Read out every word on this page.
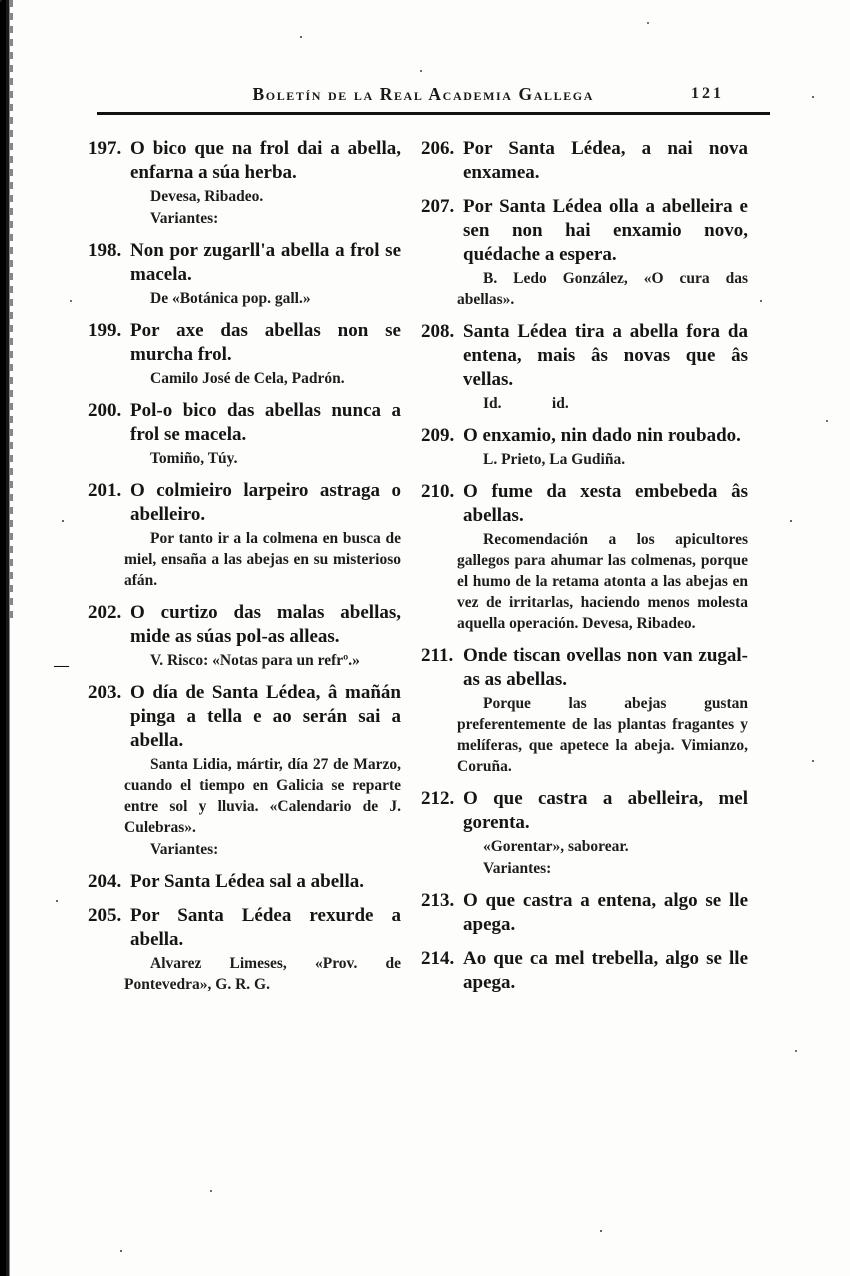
Boletín de la Real Academia Gallega	121
—
197. O bico que na frol dai a abella, enfarna a súa herba.

Devesa, Ribadeo.

Variantes:

198. Non por zugarll'a abella a frol se macela.

De «Botánica pop. gall.»

199. Por axe das abellas non se murcha frol.

Camilo José de Cela, Padrón.

200. Pol-o bico das abellas nunca a frol se macela.

Tomiño, Túy.

201. O colmieiro larpeiro astraga o abelleiro.

Por tanto ir a la colmena en busca de miel, ensaña a las abejas en su misterioso afán.

202. O curtizo das malas abellas, mide as súas pol-as alleas.

V. Risco: «Notas para un refrº.»

203. O día de Santa Lédea, â mañán pinga a tella e ao serán sai a abella.

Santa Lidia, mártir, día 27 de Marzo, cuando el tiempo en Galicia se reparte entre sol y lluvia. «Calendario de J. Culebras».

Variantes:

204. Por Santa Lédea sal a abella.

205. Por Santa Lédea rexurde a abella.

Alvarez Limeses, «Prov. de Pontevedra», G. R. G.

206. Por Santa Lédea, a nai nova enxamea.

207. Por Santa Lédea olla a abelleira e sen non hai enxamio novo, quédache a espera.

B. Ledo González, «O cura das abellas».

208. Santa Lédea tira a abella fora da entena, mais âs novas que âs vellas.

Id.             id.

209. O enxamio, nin dado nin roubado.

L. Prieto, La Gudiña.

210. O fume da xesta embebeda âs abellas.

Recomendación a los apicultores gallegos para ahumar las colmenas, porque el humo de la retama atonta a las abejas en vez de irritarlas, haciendo menos molesta aquella operación. Devesa, Ribadeo.

211. Onde tiscan ovellas non van zugal-as as abellas.

Porque las abejas gustan preferentemente de las plantas fragantes y melíferas, que apetece la abeja. Vimianzo, Coruña.

212. O que castra a abelleira, mel gorenta.

«Gorentar», saborear.

Variantes:

213. O que castra a entena, algo se lle apega.

214. Ao que ca mel trebella, algo se lle apega.
